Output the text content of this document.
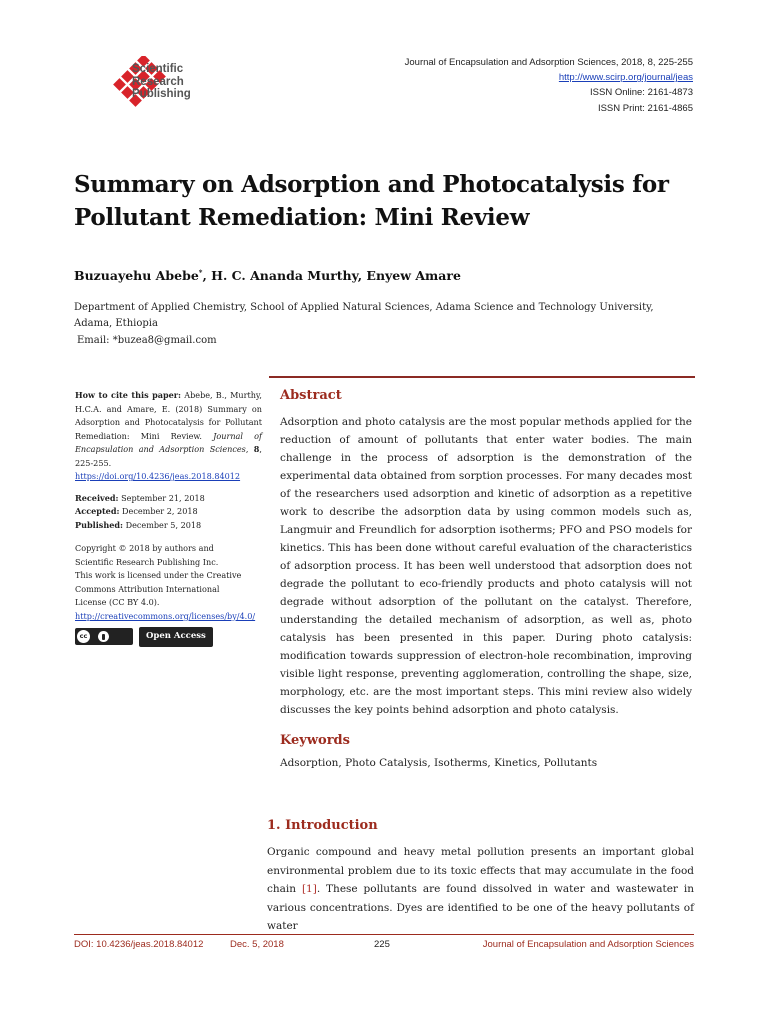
Scientific
Research
Publishing
Journal of Encapsulation and Adsorption Sciences, 2018, 8, 225-255
http://www.scirp.org/journal/jeas
ISSN Online: 2161-4873
ISSN Print: 2161-4865
Summary on Adsorption and Photocatalysis for
Pollutant Remediation: Mini Review
Buzuayehu Abebe*, H. C. Ananda Murthy, Enyew Amare
Department of Applied Chemistry, School of Applied Natural Sciences, Adama Science and Technology University, Adama, Ethiopia
Email: *buzea8@gmail.com
How to cite this paper: Abebe, B., Murthy, H.C.A. and Amare, E. (2018) Summary on Adsorption and Photocatalysis for Pollutant Remediation: Mini Review. Journal of Encapsulation and Adsorption Sciences, 8, 225-255.
https://doi.org/10.4236/jeas.2018.84012
Received: September 21, 2018
Accepted: December 2, 2018
Published: December 5, 2018
Copyright © 2018 by authors and
Scientific Research Publishing Inc.
This work is licensed under the Creative
Commons Attribution International
License (CC BY 4.0).
http://creativecommons.org/licenses/by/4.0/
cc	Open Access
Abstract
Adsorption and photo catalysis are the most popular methods applied for the reduction of amount of pollutants that enter water bodies. The main challenge in the process of adsorption is the demonstration of the experimental data obtained from sorption processes. For many decades most of the researchers used adsorption and kinetic of adsorption as a repetitive work to describe the adsorption data by using common models such as, Langmuir and Freundlich for adsorption isotherms; PFO and PSO models for kinetics. This has been done without careful evaluation of the characteristics of adsorption process. It has been well understood that adsorption does not degrade the pollutant to eco-friendly products and photo catalysis will not degrade without adsorption of the pollutant on the catalyst. Therefore, understanding the detailed mechanism of adsorption, as well as, photo catalysis has been presented in this paper. During photo catalysis: modification towards suppression of electron-hole recombination, improving visible light response, preventing agglomeration, controlling the shape, size, morphology, etc. are the most important steps. This mini review also widely discusses the key points behind adsorption and photo catalysis.
Keywords
Adsorption, Photo Catalysis, Isotherms, Kinetics, Pollutants
1. Introduction
Organic compound and heavy metal pollution presents an important global environmental problem due to its toxic effects that may accumulate in the food chain [1]. These pollutants are found dissolved in water and wastewater in various concentrations. Dyes are identified to be one of the heavy pollutants of water
DOI: 10.4236/jeas.2018.84012	Dec. 5, 2018	225	Journal of Encapsulation and Adsorption Sciences
